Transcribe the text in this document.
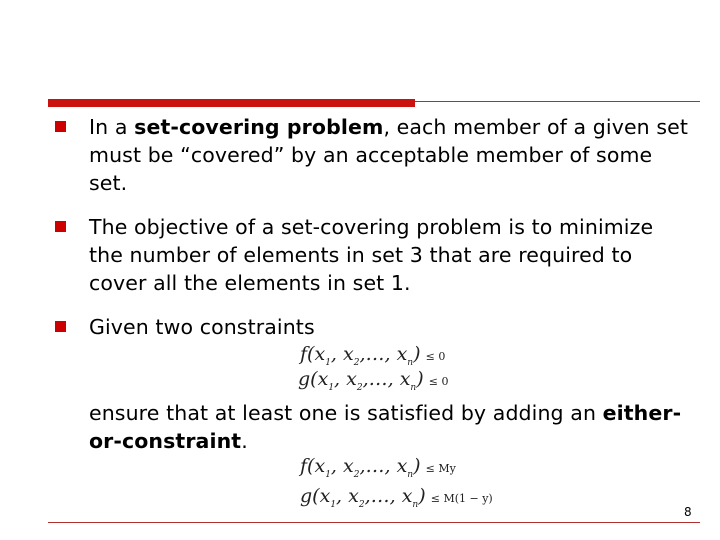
In a set-covering problem, each member of a given set must be “covered” by an acceptable member of some set.
The objective of a set-covering problem is to minimize the number of elements in set 3 that are required to cover all the elements in set 1.
Given two constraints
$f(x_1$, $x_2,\dots$, $x_n) \le 0$
$g(x_1$, $x_2,\dots$, $x_n) \le 0$
ensure that at least one is satisfied by adding an either-or-constraint.
$f(x_1$, $x_2,\dots$, $x_n) \le My$
$g(x_1$, $x_2,\dots$, $x_n) \le M(1 - y)$
8
